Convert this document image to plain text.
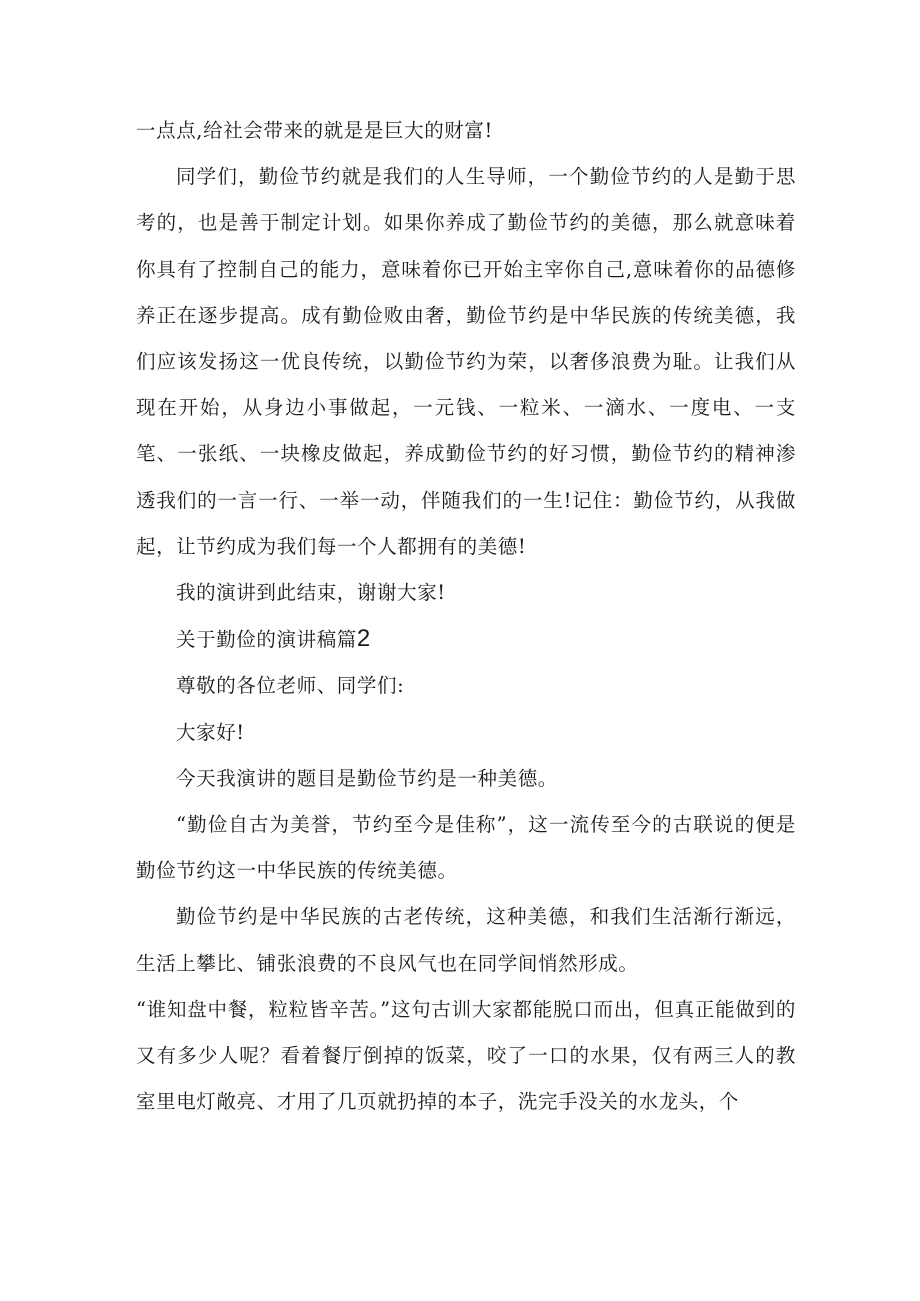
一点点,给社会带来的就是是巨大的财富!

同学们，勤俭节约就是我们的人生导师，一个勤俭节约的人是勤于思考的，也是善于制定计划。如果你养成了勤俭节约的美德，那么就意味着你具有了控制自己的能力，意味着你已开始主宰你自己,意味着你的品德修养正在逐步提高。成有勤俭败由奢，勤俭节约是中华民族的传统美德，我们应该发扬这一优良传统，以勤俭节约为荣，以奢侈浪费为耻。让我们从现在开始，从身边小事做起，一元钱、一粒米、一滴水、一度电、一支笔、一张纸、一块橡皮做起，养成勤俭节约的好习惯，勤俭节约的精神渗透我们的一言一行、一举一动，伴随我们的一生!记住：勤俭节约，从我做起，让节约成为我们每一个人都拥有的美德!

我的演讲到此结束，谢谢大家!

关于勤俭的演讲稿篇2

尊敬的各位老师、同学们:

大家好!

今天我演讲的题目是勤俭节约是一种美德。

“勤俭自古为美誉，节约至今是佳称”，这一流传至今的古联说的便是勤俭节约这一中华民族的传统美德。

勤俭节约是中华民族的古老传统，这种美德，和我们生活渐行渐远，生活上攀比、铺张浪费的不良风气也在同学间悄然形成。

“谁知盘中餐，粒粒皆辛苦。”这句古训大家都能脱口而出，但真正能做到的又有多少人呢？看着餐厅倒掉的饭菜，咬了一口的水果，仅有两三人的教室里电灯敞亮、才用了几页就扔掉的本子，洗完手没关的水龙头，个
